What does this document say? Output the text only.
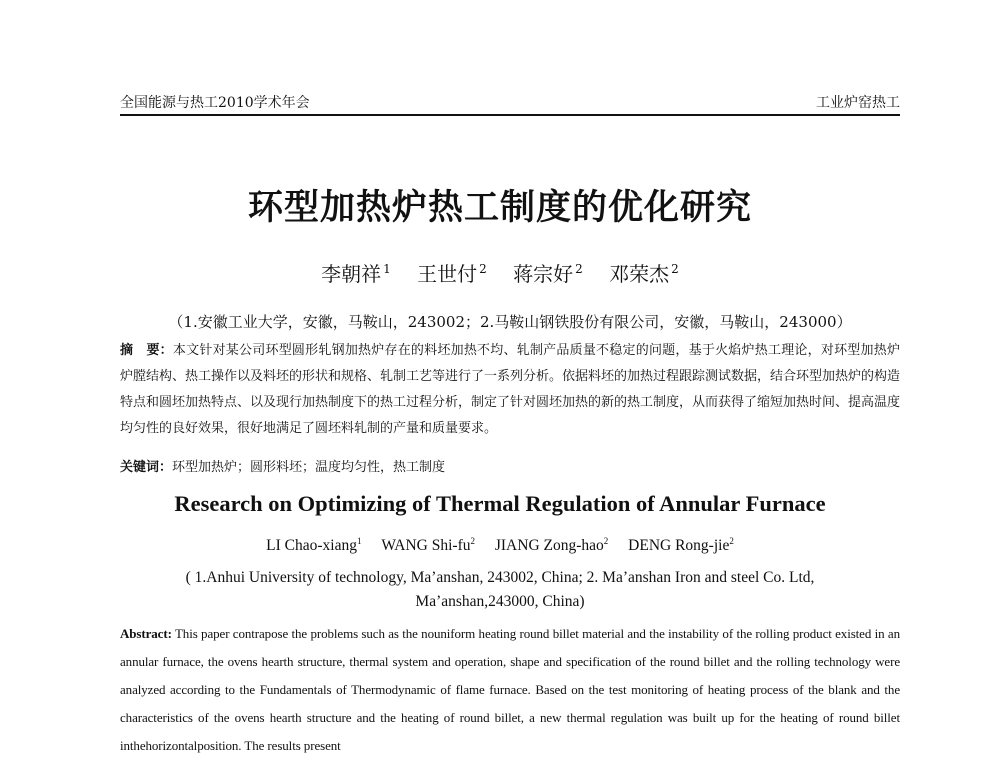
全国能源与热工2010学术年会	工业炉窑热工
环型加热炉热工制度的优化研究
李朝祥 $^1$ 王世付 $^2$ 蒋宗好 $^2$ 邓荣杰 $^2$
（1.安徽工业大学，安徽，马鞍山，243002；2.马鞍山钢铁股份有限公司，安徽，马鞍山，243000）
摘　要：本文针对某公司环型圆形轧钢加热炉存在的料坯加热不均、轧制产品质量不稳定的问题，基于火焰炉热工理论，对环型加热炉炉膛结构、热工操作以及料坯的形状和规格、轧制工艺等进行了一系列分析。依据料坯的加热过程跟踪测试数据，结合环型加热炉的构造特点和圆坯加热特点、以及现行加热制度下的热工过程分析，制定了针对圆坯加热的新的热工制度，从而获得了缩短加热时间、提高温度均匀性的良好效果，很好地满足了圆坯料轧制的产量和质量要求。
关键词：环型加热炉；圆形料坯；温度均匀性，热工制度
Research on Optimizing of Thermal Regulation of Annular Furnace
LI Chao-xiang$^1$ WANG Shi-$fu^2$ JIANG Zong-hao$^2$ DENG Rong-jie$^2$
( 1.Anhui University of technology, Ma’anshan, 243002, China; 2. Ma’anshan Iron and steel Co. Ltd,
Ma’anshan,243000, China)
Abstract: This paper contrapose the problems such as the nouniform heating round billet material and the instability of the rolling product existed in an annular furnace, the ovens hearth structure, thermal system and operation, shape and specification of the round billet and the rolling technology were analyzed according to the Fundamentals of Thermodynamic of flame furnace. Based on the test monitoring of heating process of the blank and the characteristics of the ovens hearth structure and the heating of round billet, a new thermal regulation was built up for the heating of round billet inthehorizontalposition. The results present
